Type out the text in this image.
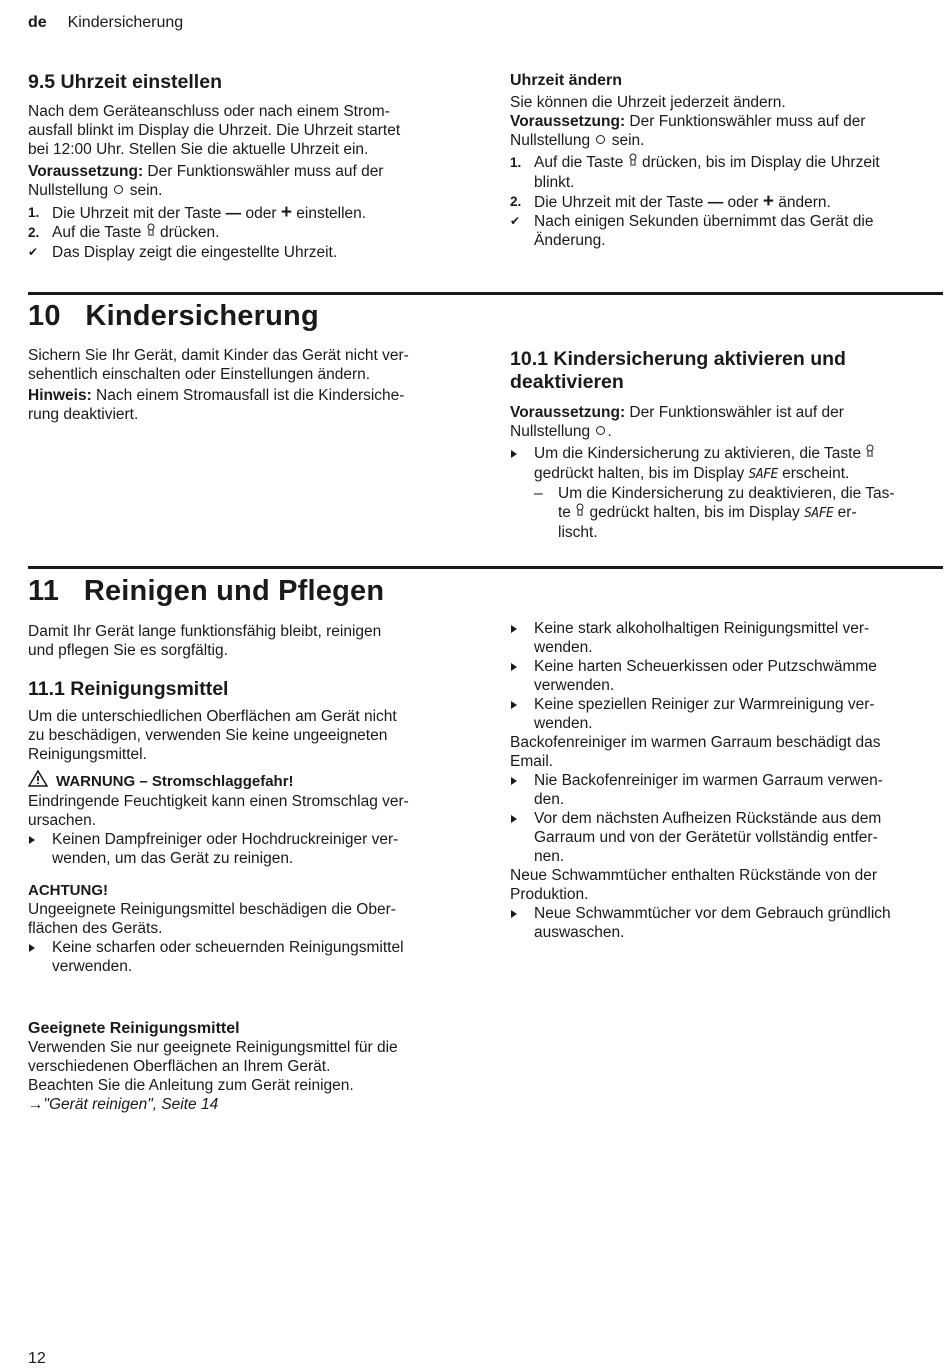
de Kindersicherung
9.5 Uhrzeit einstellen

Nach dem Geräteanschluss oder nach einem Strom-

ausfall blinkt im Display die Uhrzeit. Die Uhrzeit startet

bei 12:00 Uhr. Stellen Sie die aktuelle Uhrzeit ein.

Voraussetzung: Der Funktionswähler muss auf der

Nullstellung  sein.

1. Die Uhrzeit mit der Taste — oder + einstellen.
2. Auf die Taste  drücken.
✔ Das Display zeigt die eingestellte Uhrzeit.
Uhrzeit ändern

Sie können die Uhrzeit jederzeit ändern.

Voraussetzung: Der Funktionswähler muss auf der

Nullstellung  sein.

1. Auf die Taste  drücken, bis im Display die Uhrzeit

blinkt.

2. Die Uhrzeit mit der Taste — oder + ändern.
✔ Nach einigen Sekunden übernimmt das Gerät die

Änderung.

10   Kindersicherung

Sichern Sie Ihr Gerät, damit Kinder das Gerät nicht ver-

sehentlich einschalten oder Einstellungen ändern.

Hinweis: Nach einem Stromausfall ist die Kindersiche-

rung deaktiviert.

10.1 Kindersicherung aktivieren und
deaktivieren

Voraussetzung: Der Funktionswähler ist auf der

Nullstellung .

Um die Kindersicherung zu aktivieren, die Taste

gedrückt halten, bis im Display SAFE erscheint.

– Um die Kindersicherung zu deaktivieren, die Tas-

te  gedrückt halten, bis im Display SAFE er-

lischt.

11   Reinigen und Pflegen

Damit Ihr Gerät lange funktionsfähig bleibt, reinigen

und pflegen Sie es sorgfältig.

11.1 Reinigungsmittel

Um die unterschiedlichen Oberflächen am Gerät nicht

zu beschädigen, verwenden Sie keine ungeeigneten

Reinigungsmittel.

WARNUNG – Stromschlaggefahr!

Eindringende Feuchtigkeit kann einen Stromschlag ver-

ursachen.

Keinen Dampfreiniger oder Hochdruckreiniger ver-

wenden, um das Gerät zu reinigen.

ACHTUNG!

Ungeeignete Reinigungsmittel beschädigen die Ober-

flächen des Geräts.

Keine scharfen oder scheuernden Reinigungsmittel

verwenden.

Keine stark alkoholhaltigen Reinigungsmittel ver-

wenden.

Keine harten Scheuerkissen oder Putzschwämme

verwenden.

Keine speziellen Reiniger zur Warmreinigung ver-

wenden.

Backofenreiniger im warmen Garraum beschädigt das

Email.

Nie Backofenreiniger im warmen Garraum verwen-

den.

Vor dem nächsten Aufheizen Rückstände aus dem

Garraum und von der Gerätetür vollständig entfer-

nen.

Neue Schwammtücher enthalten Rückstände von der

Produktion.

Neue Schwammtücher vor dem Gebrauch gründlich

auswaschen.

Geeignete Reinigungsmittel

Verwenden Sie nur geeignete Reinigungsmittel für die

verschiedenen Oberflächen an Ihrem Gerät.

Beachten Sie die Anleitung zum Gerät reinigen.

→"Gerät reinigen", Seite 14

12
